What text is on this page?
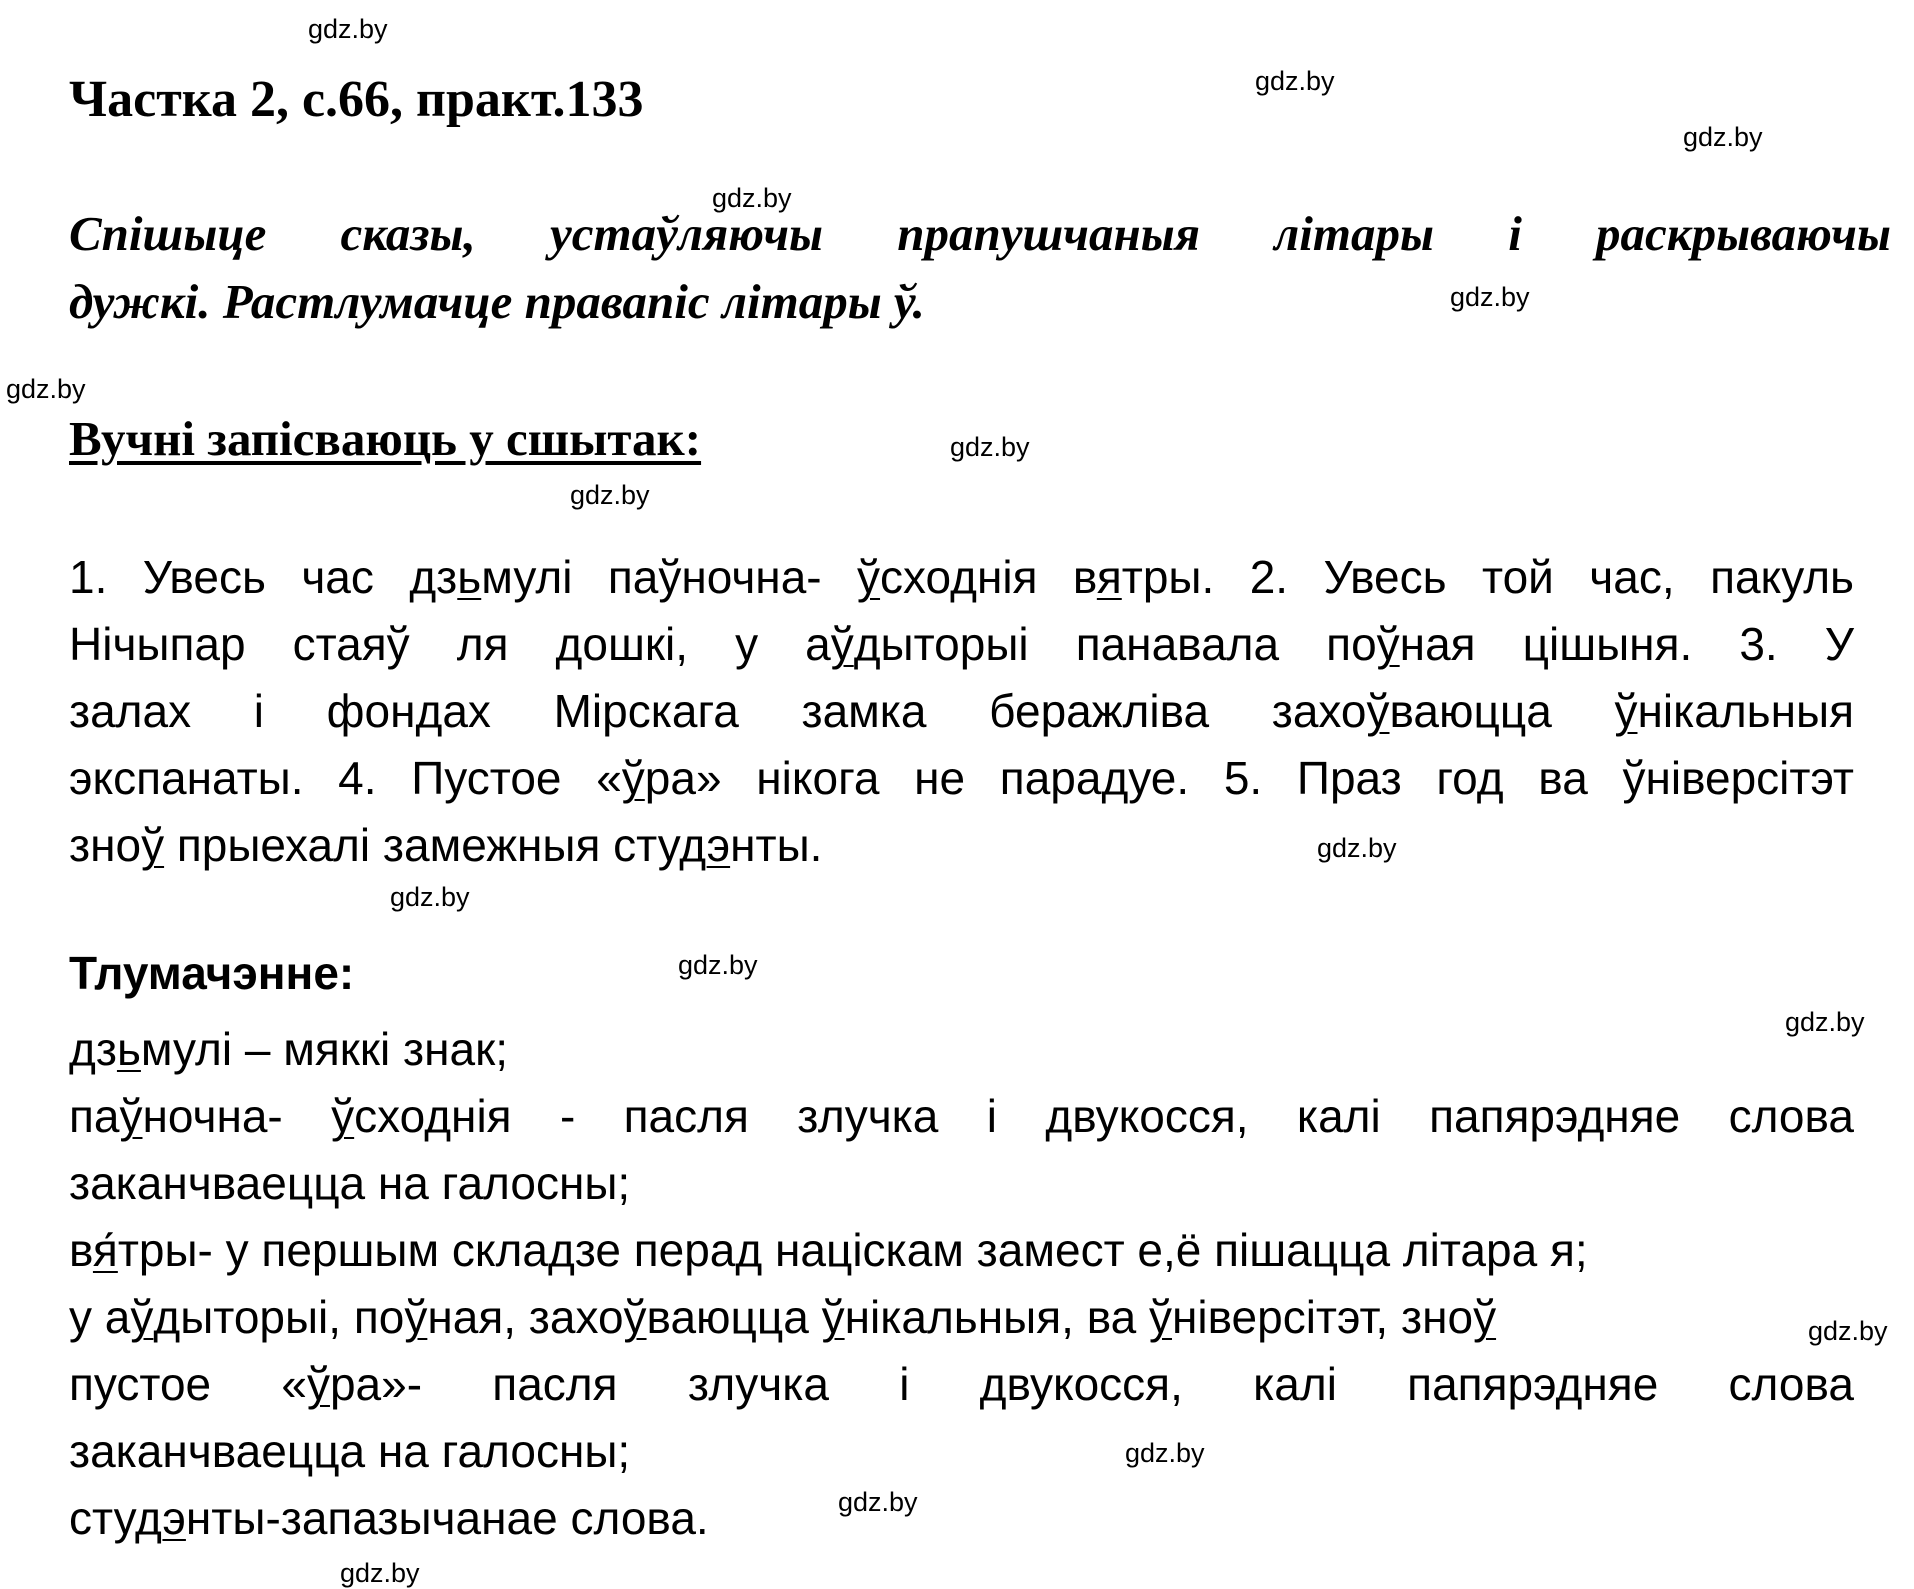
gdz.by
gdz.by
gdz.by
gdz.by
gdz.by
gdz.by
gdz.by
gdz.by
gdz.by
gdz.by
gdz.by
gdz.by
gdz.by
gdz.by
gdz.by
gdz.by
Частка 2, с.66, практ.133
Спішыце сказы, устаўляючы прапушчаныя літары і раскрываючы
дужкі. Растлумачце правапіс літары ў.
Вучні запісваюць у сшытак:
1. Увесь час дзьмулі паўночна- ўсходнія вятры. 2. Увесь той час, пакуль
Нічыпар стаяў ля дошкі, у аўдыторыі панавала поўная цішыня. 3. У
залах і фондах Мірскага замка беражліва захоўваюцца ўнікальныя
экспанаты. 4. Пустое «ўра» нікога не парадуе. 5. Праз год ва ўніверсітэт
зноў прыехалі замежныя студэнты.
Тлумачэнне:
дзьмулі – мяккі знак;
паўночна- ўсходнія - пасля злучка і двукосся, калі папярэдняе слова
заканчваецца на галосны;
вя́тры- у першым складзе перад націскам замест е,ё пішацца літара я;
у аўдыторыі, поўная, захоўваюцца ўнікальныя, ва ўніверсітэт, зноў
пустое «ўра»- пасля злучка і двукосся, калі папярэдняе слова
заканчваецца на галосны;
студэнты-запазычанае слова.
